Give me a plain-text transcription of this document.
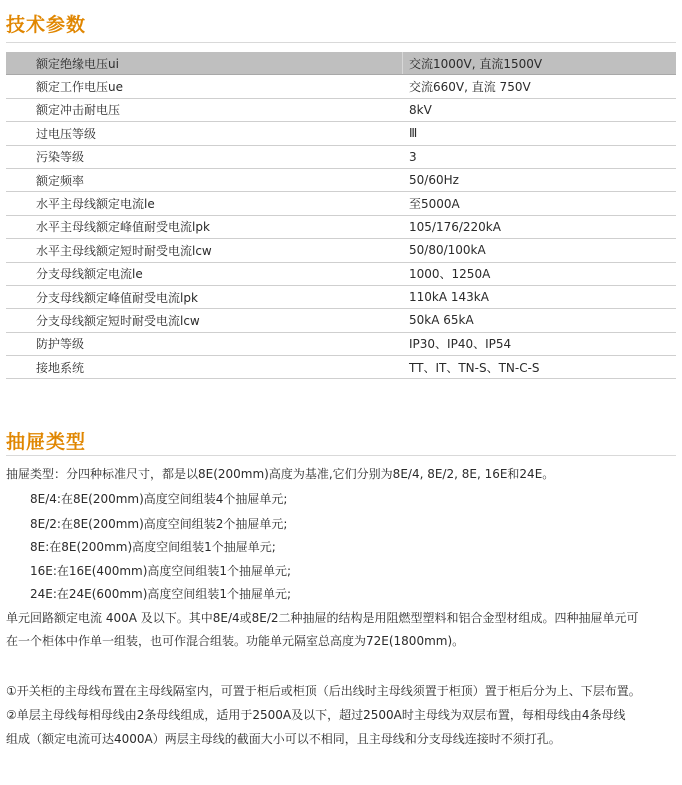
技术参数
额定绝缘电压ui	交流1000V, 直流1500V
额定工作电压ue	交流660V, 直流 750V
额定冲击耐电压	8kV
过电压等级	Ⅲ
污染等级	3
额定频率	50/60Hz
水平主母线额定电流le	至5000A
水平主母线额定峰值耐受电流lpk	105/176/220kA
水平主母线额定短时耐受电流lcw	50/80/100kA
分支母线额定电流le	1000、1250A
分支母线额定峰值耐受电流lpk	110kA 143kA
分支母线额定短时耐受电流lcw	50kA 65kA
防护等级	IP30、IP40、IP54
接地系统	TT、IT、TN-S、TN-C-S
抽屉类型

抽屉类型：分四种标准尺寸，都是以8E(200mm)高度为基准,它们分别为8E/4, 8E/2, 8E, 16E和24E。

8E/4:在8E(200mm)高度空间组装4个抽屉单元;

8E/2:在8E(200mm)高度空间组装2个抽屉单元;

8E:在8E(200mm)高度空间组装1个抽屉单元;

16E:在16E(400mm)高度空间组装1个抽屉单元;

24E:在24E(600mm)高度空间组装1个抽屉单元;

单元回路额定电流 400A 及以下。其中8E/4或8E/2二种抽屉的结构是用阻燃型塑料和铝合金型材组成。四种抽屉单元可

在一个柜体中作单一组装，也可作混合组装。功能单元隔室总高度为72E(1800mm)。

①开关柜的主母线布置在主母线隔室内，可置于柜后或柜顶（后出线时主母线须置于柜顶）置于柜后分为上、下层布置。

②单层主母线每相母线由2条母线组成，适用于2500A及以下，超过2500A时主母线为双层布置，每相母线由4条母线

组成（额定电流可达4000A）两层主母线的截面大小可以不相同，且主母线和分支母线连接时不须打孔。
